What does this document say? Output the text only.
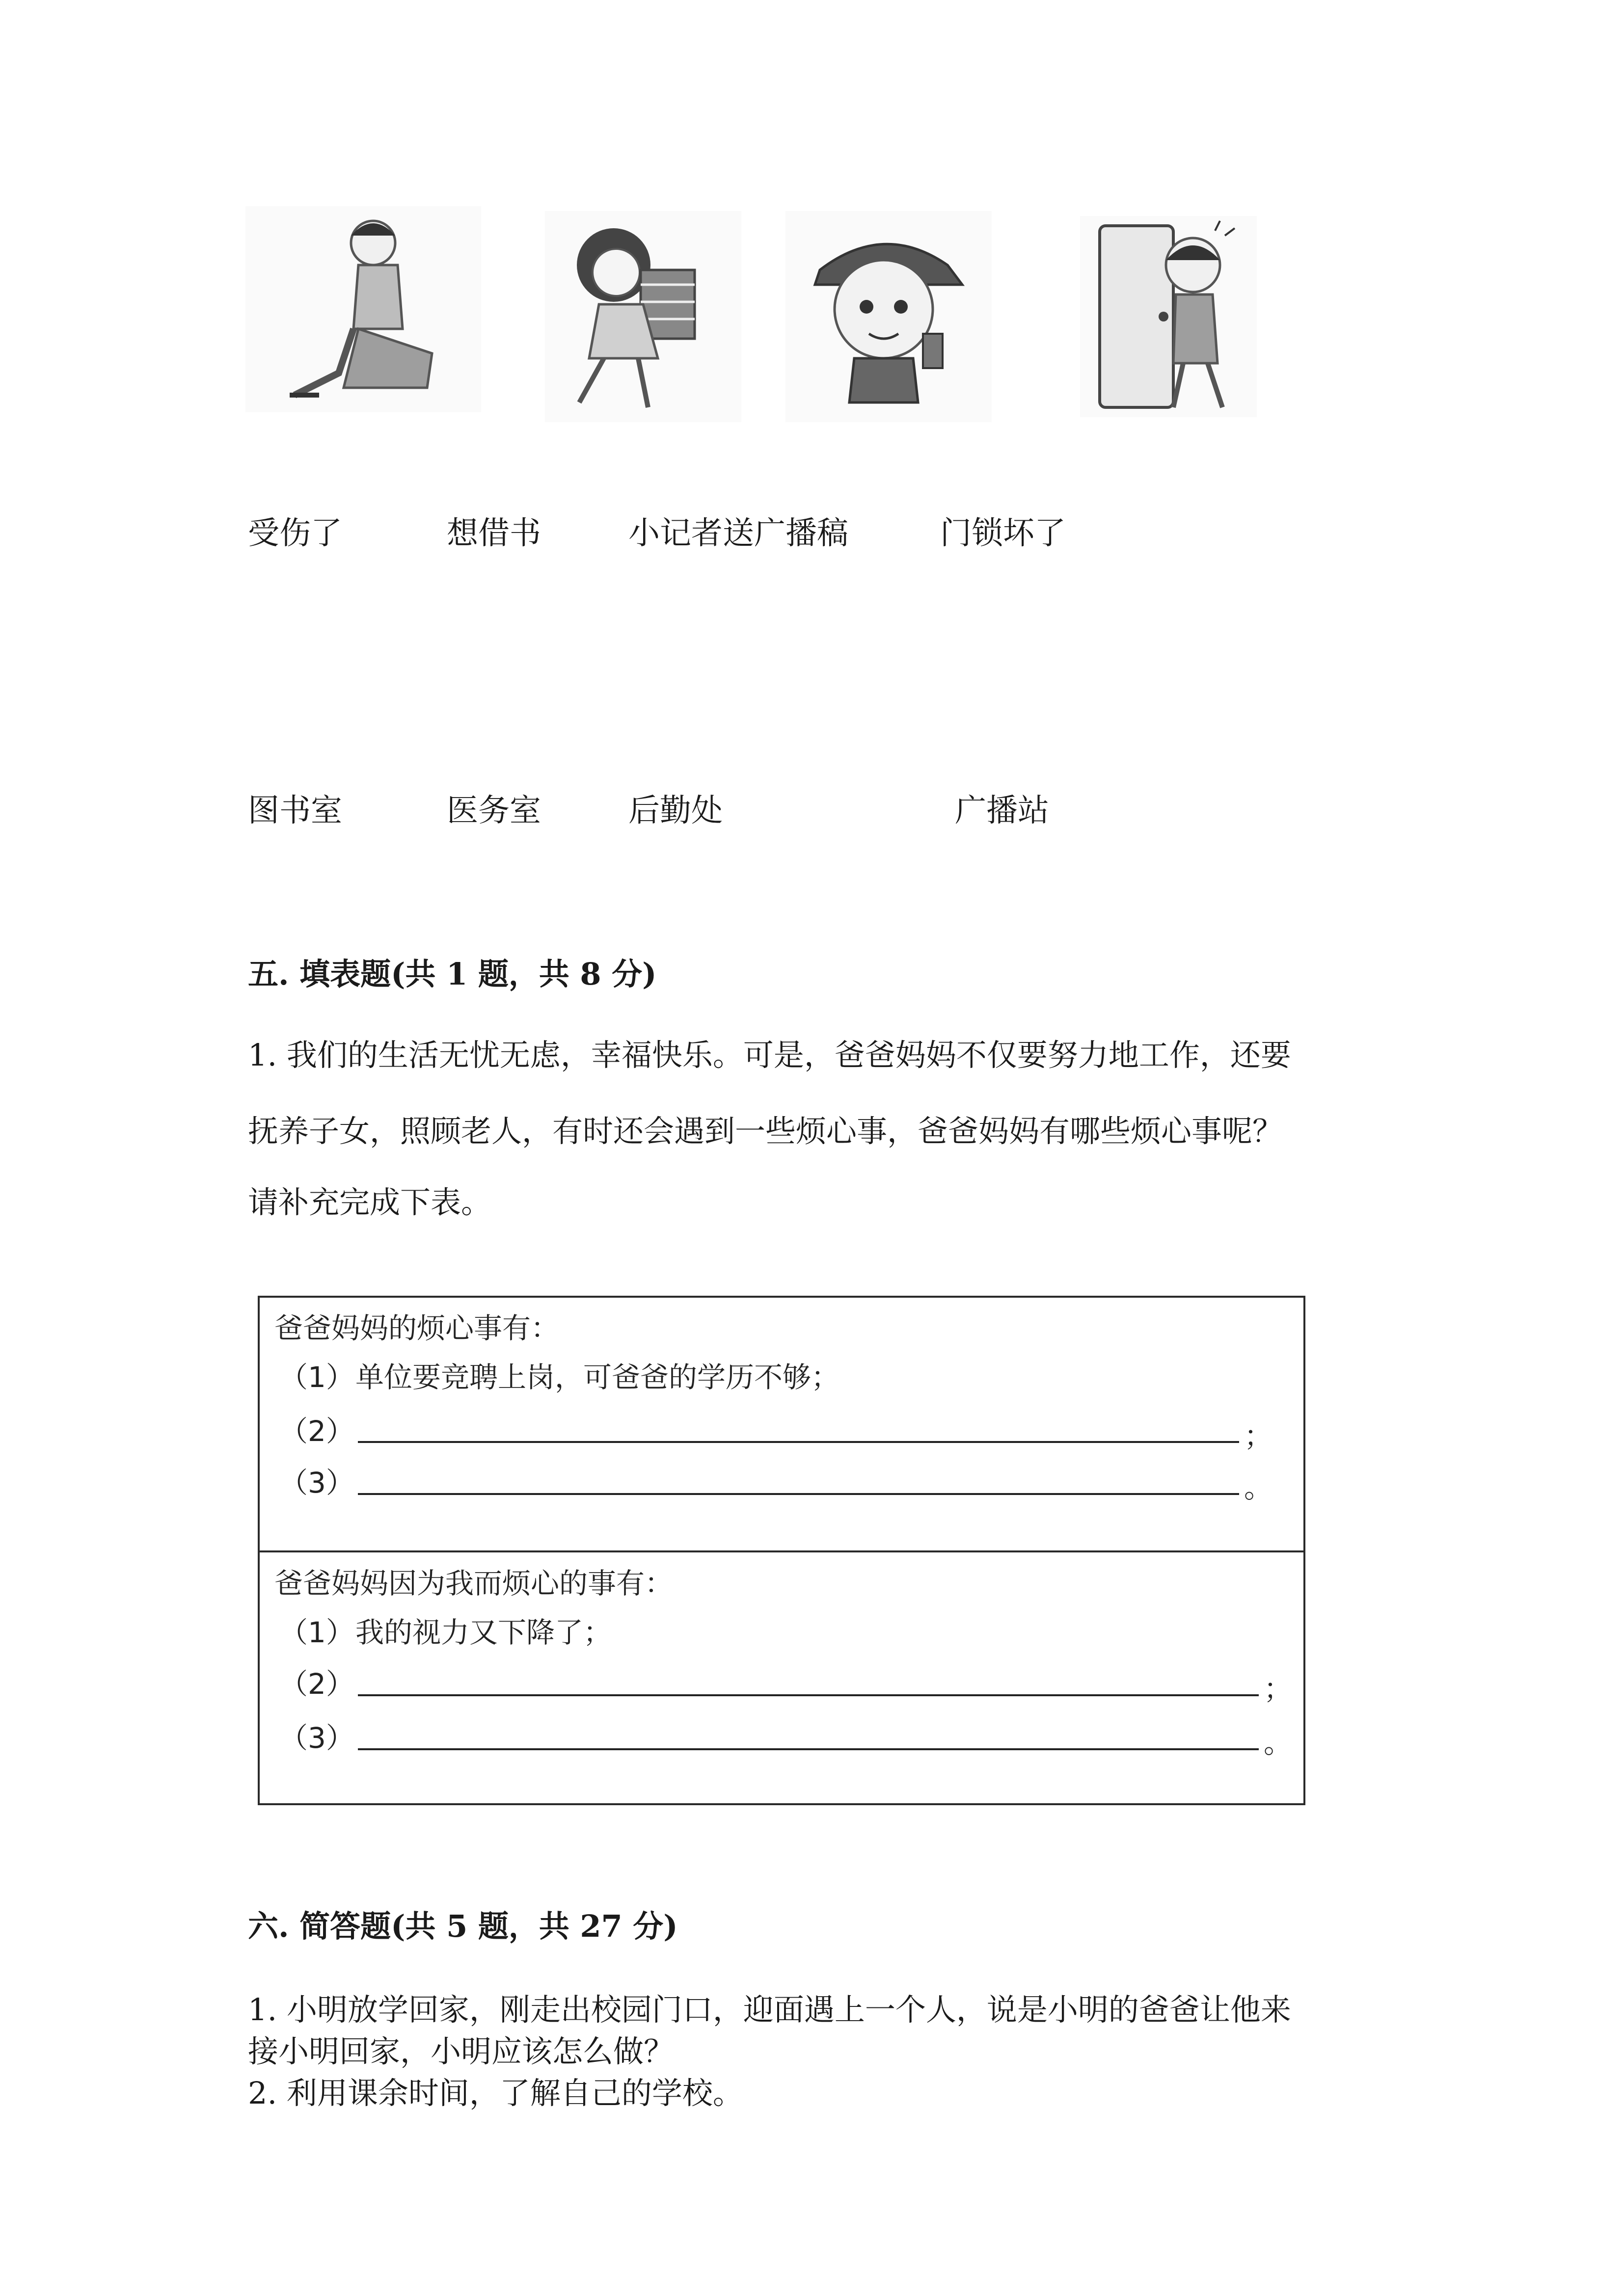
受伤了	想借书	小记者送广播稿	门锁坏了
图书室	医务室	后勤处	广播站
五. 填表题(共 1 题，共 8 分)
1. 我们的生活无忧无虑，幸福快乐。可是，爸爸妈妈不仅要努力地工作，还要
抚养子女，照顾老人，有时还会遇到一些烦心事，爸爸妈妈有哪些烦心事呢？
请补充完成下表。
爸爸妈妈的烦心事有：
（1） 单位要竞聘上岗，可爸爸的学历不够；
（2）	；
（3）	。
爸爸妈妈因为我而烦心的事有：
（1） 我的视力又下降了；
（2）	；
（3）	。
六. 简答题(共 5 题，共 27 分)
1. 小明放学回家，刚走出校园门口，迎面遇上一个人，说是小明的爸爸让他来
接小明回家，小明应该怎么做？
2. 利用课余时间，了解自己的学校。
